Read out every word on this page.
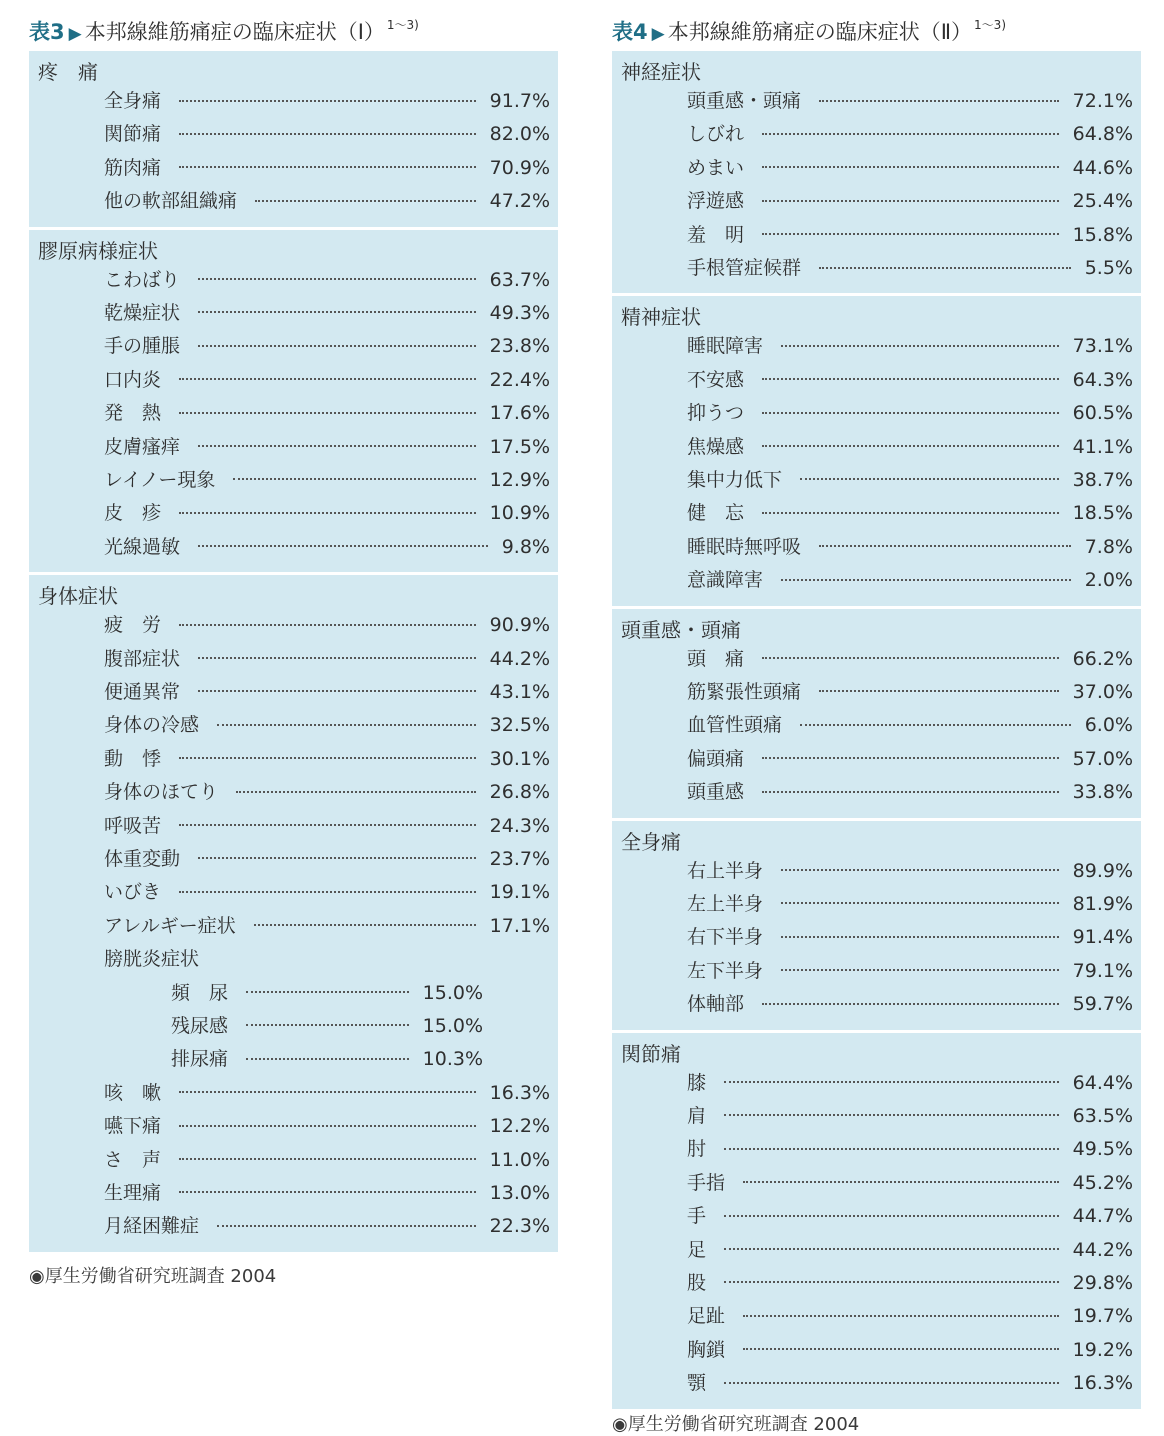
表3 ▶ 本邦線維筋痛症の臨床症状（Ⅰ） $^{1〜3)}$
疼　痛
全身痛	91.7%
関節痛	82.0%
筋肉痛	70.9%
他の軟部組織痛	47.2%
膠原病様症状
こわばり	63.7%
乾燥症状	49.3%
手の腫脹	23.8%
口内炎	22.4%
発　熱	17.6%
皮膚瘙痒	17.5%
レイノー現象	12.9%
皮　疹	10.9%
光線過敏	9.8%
身体症状
疲　労	90.9%
腹部症状	44.2%
便通異常	43.1%
身体の冷感	32.5%
動　悸	30.1%
身体のほてり	26.8%
呼吸苦	24.3%
体重変動	23.7%
いびき	19.1%
アレルギー症状	17.1%
膀胱炎症状
頻　尿	15.0%
残尿感	15.0%
排尿痛	10.3%
咳　嗽	16.3%
嚥下痛	12.2%
さ　声	11.0%
生理痛	13.0%
月経困難症	22.3%
◉厚生労働省研究班調査 2004
表4 ▶ 本邦線維筋痛症の臨床症状（Ⅱ） $^{1〜3)}$
神経症状
頭重感・頭痛	72.1%
しびれ	64.8%
めまい	44.6%
浮遊感	25.4%
羞　明	15.8%
手根管症候群	5.5%
精神症状
睡眠障害	73.1%
不安感	64.3%
抑うつ	60.5%
焦燥感	41.1%
集中力低下	38.7%
健　忘	18.5%
睡眠時無呼吸	7.8%
意識障害	2.0%
頭重感・頭痛
頭　痛	66.2%
筋緊張性頭痛	37.0%
血管性頭痛	6.0%
偏頭痛	57.0%
頭重感	33.8%
全身痛
右上半身	89.9%
左上半身	81.9%
右下半身	91.4%
左下半身	79.1%
体軸部	59.7%
関節痛
膝	64.4%
肩	63.5%
肘	49.5%
手指	45.2%
手	44.7%
足	44.2%
股	29.8%
足趾	19.7%
胸鎖	19.2%
顎	16.3%
◉厚生労働省研究班調査 2004
